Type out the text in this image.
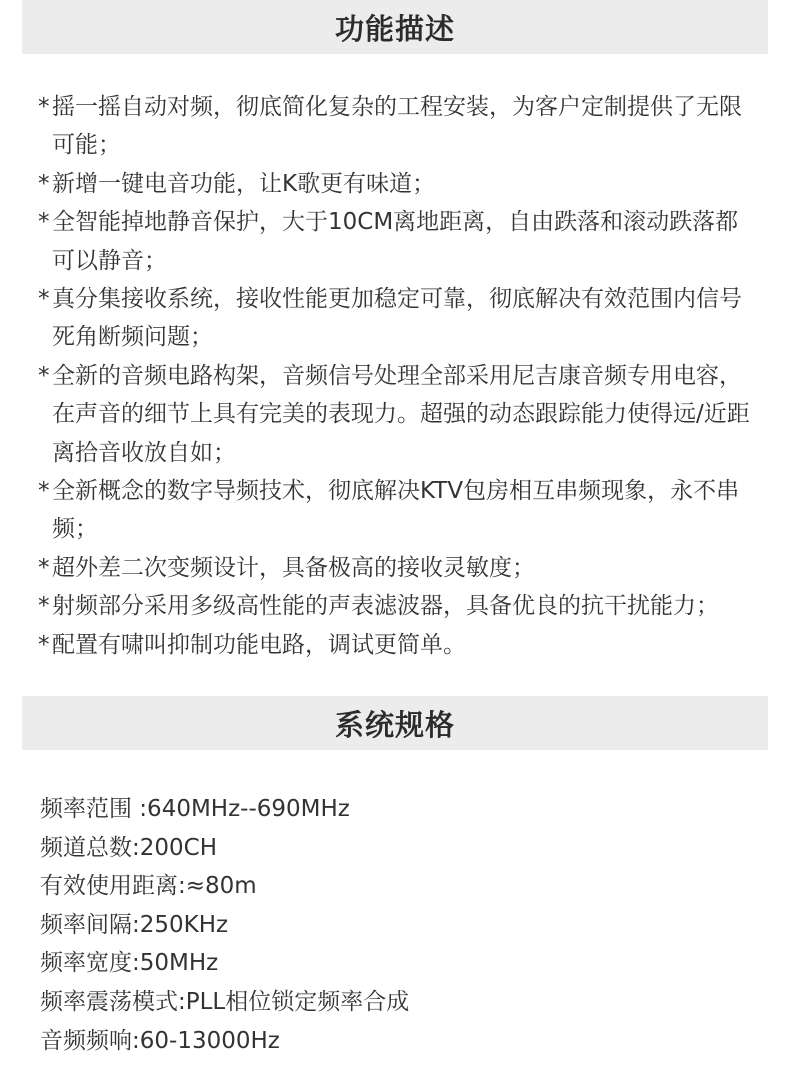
功能描述
* 摇一摇自动对频，彻底简化复杂的工程安装，为客户定制提供了无限可能；
* 新增一键电音功能，让K歌更有味道；
* 全智能掉地静音保护，大于10CM离地距离，自由跌落和滚动跌落都可以静音；
* 真分集接收系统，接收性能更加稳定可靠，彻底解决有效范围内信号死角断频问题；
* 全新的音频电路构架，音频信号处理全部采用尼吉康音频专用电容，在声音的细节上具有完美的表现力。超强的动态跟踪能力使得远/近距离拾音收放自如；
* 全新概念的数字导频技术，彻底解决KTV包房相互串频现象，永不串频；
* 超外差二次变频设计，具备极高的接收灵敏度；
* 射频部分采用多级高性能的声表滤波器，具备优良的抗干扰能力；
* 配置有啸叫抑制功能电路，调试更简单。
系统规格
频率范围 :640MHz--690MHz
频道总数:200CH
有效使用距离:≈80m
频率间隔:250KHz
频率宽度:50MHz
频率震荡模式:PLL相位锁定频率合成
音频频响:60-13000Hz
